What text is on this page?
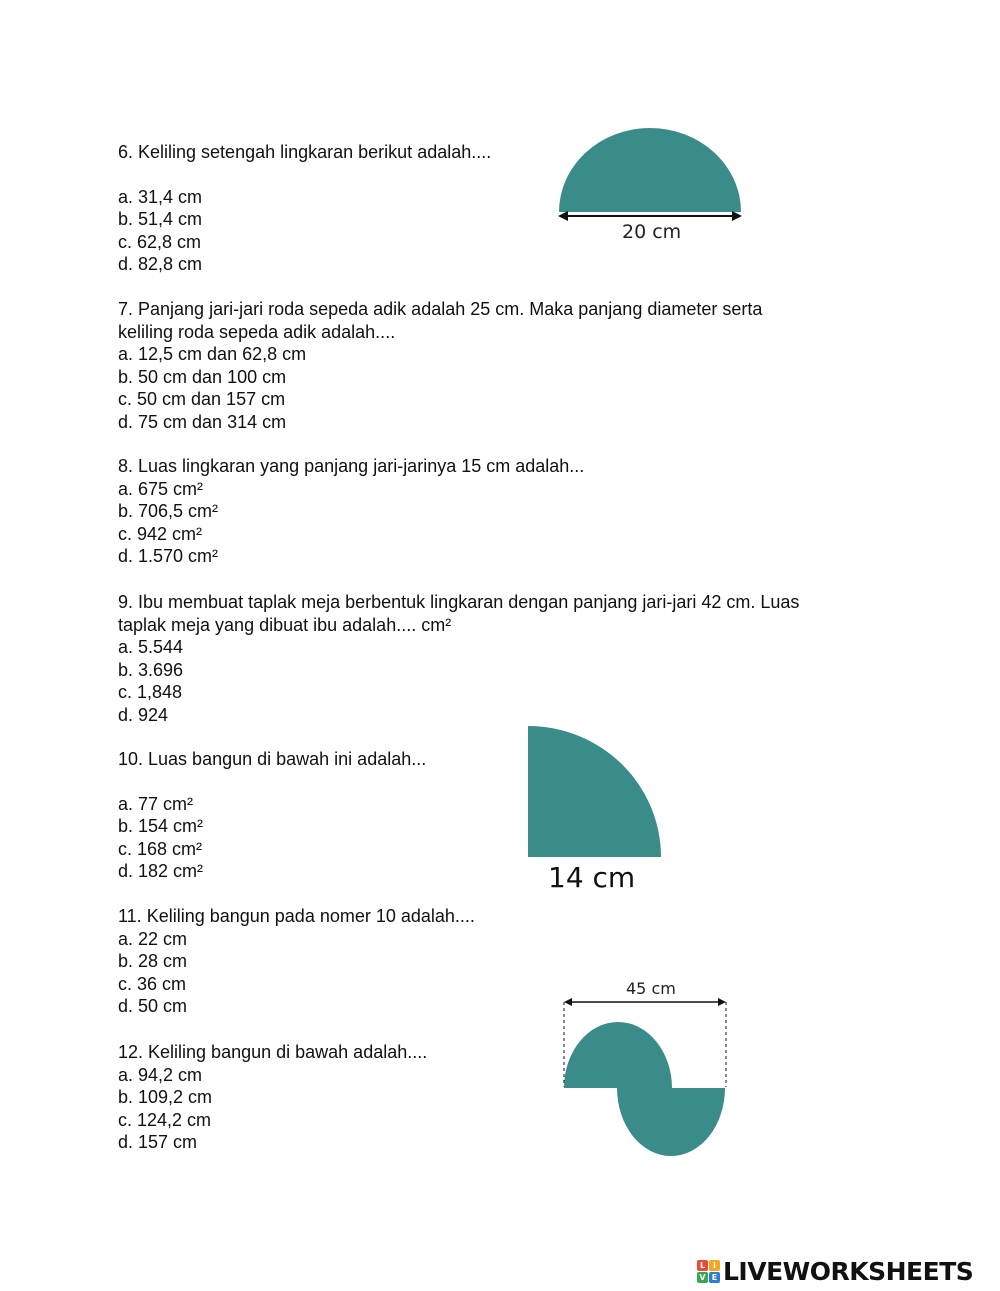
6. Keliling setengah lingkaran berikut adalah....
a. 31,4 cm
b. 51,4 cm
c. 62,8 cm
d. 82,8 cm
7. Panjang jari-jari roda sepeda adik adalah 25 cm. Maka panjang diameter serta
keliling roda sepeda adik adalah....
a. 12,5 cm dan 62,8 cm
b. 50 cm dan 100 cm
c. 50 cm dan 157 cm
d. 75 cm dan 314 cm
8. Luas lingkaran yang panjang jari-jarinya 15 cm adalah...
a. 675 cm²
b. 706,5 cm²
c. 942 cm²
d. 1.570 cm²
9. Ibu membuat taplak meja berbentuk lingkaran dengan panjang jari-jari 42 cm. Luas
taplak meja yang dibuat ibu adalah.... cm²
a. 5.544
b. 3.696
c. 1,848
d. 924
10. Luas bangun di bawah ini adalah...
a. 77 cm²
b. 154 cm²
c. 168 cm²
d. 182 cm²
11. Keliling bangun pada nomer 10 adalah....
a. 22 cm
b. 28 cm
c. 36 cm
d. 50 cm
12. Keliling bangun di bawah adalah....
a. 94,2 cm
b. 109,2 cm
c. 124,2 cm
d. 157 cm
20 cm
14 cm
45 cm
L	i
V E LIVEWORKSHEETS
